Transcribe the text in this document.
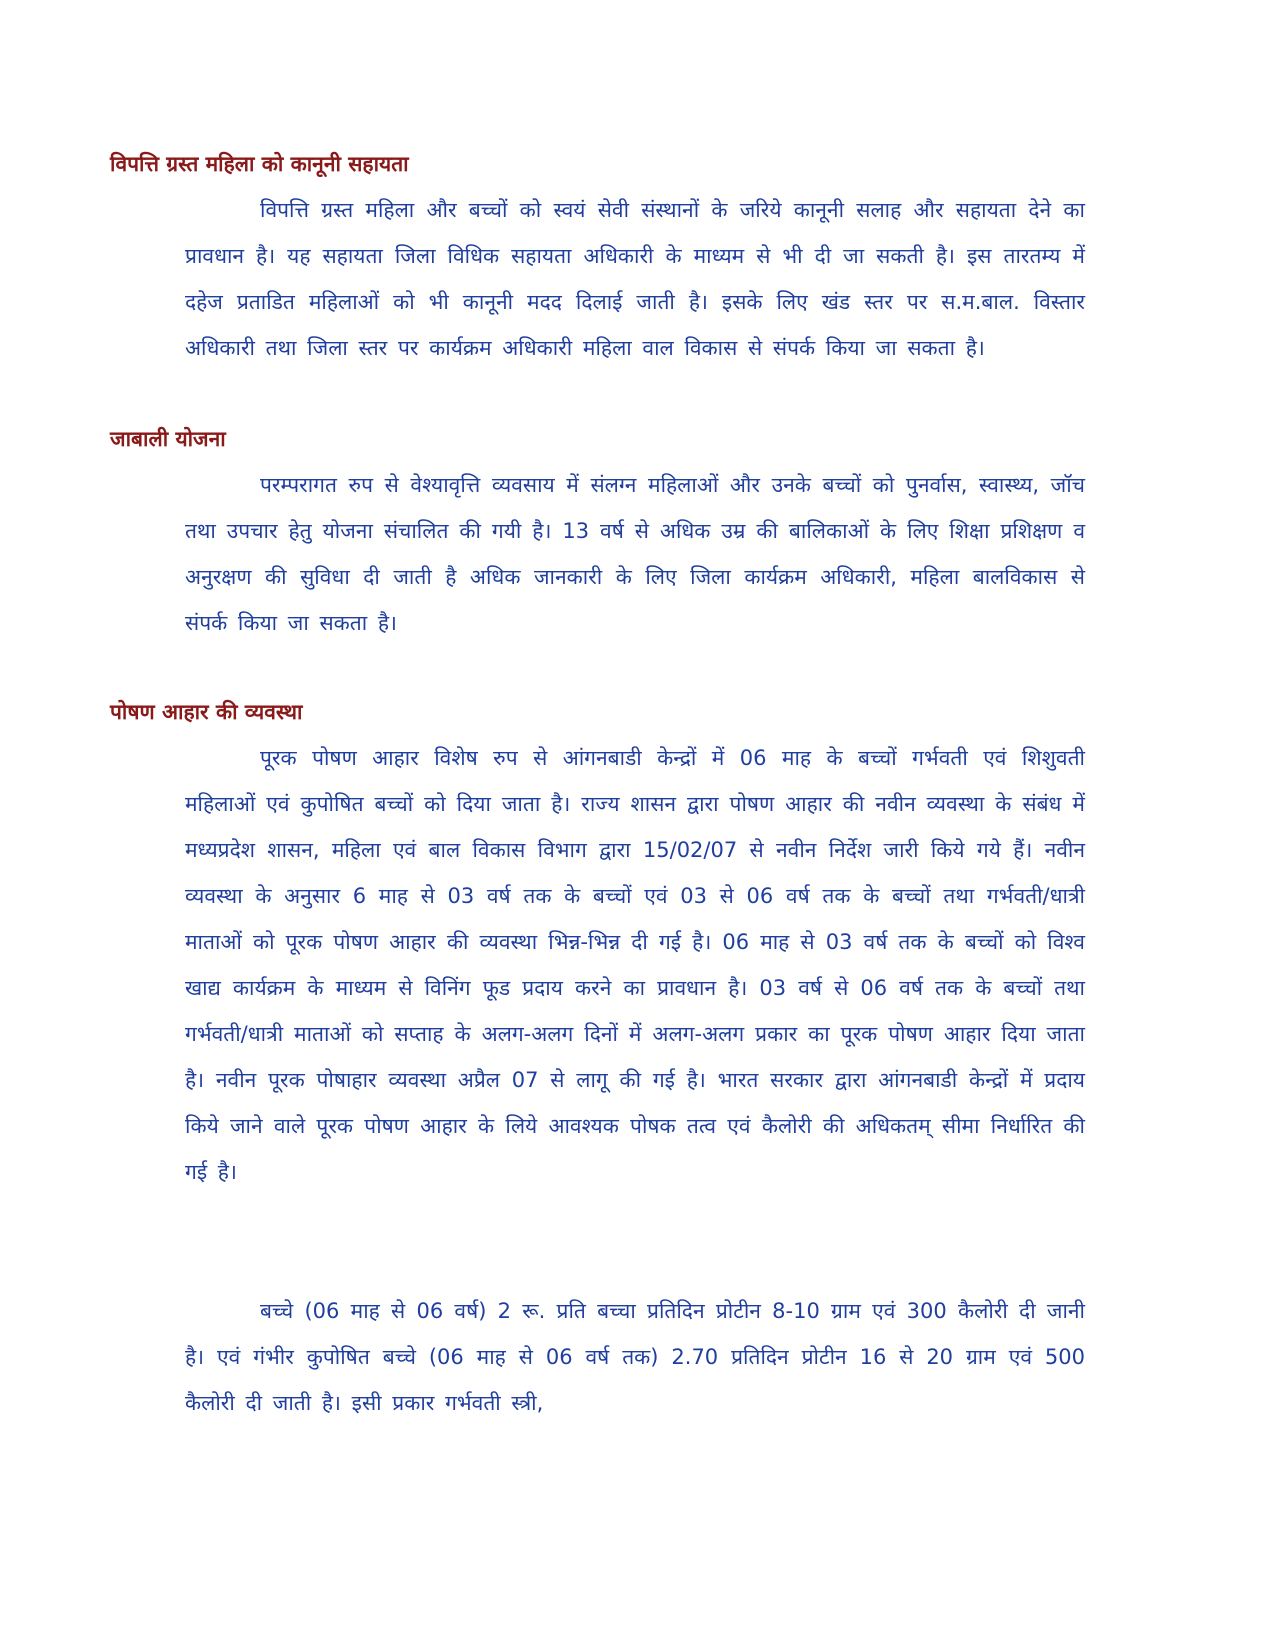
विपत्ति ग्रस्त महिला को कानूनी सहायता

विपत्ति ग्रस्त महिला और बच्चों को स्वयं सेवी संस्थानों के जरिये कानूनी सलाह और सहायता देने का प्रावधान है। यह सहायता जिला विधिक सहायता अधिकारी के माध्यम से भी दी जा सकती है। इस तारतम्य में दहेज प्रताडित महिलाओं को भी कानूनी मदद दिलाई जाती है। इसके लिए खंड स्तर पर स.म.बाल. विस्तार अधिकारी तथा जिला स्तर पर कार्यक्रम अधिकारी महिला वाल विकास से संपर्क किया जा सकता है।

जाबाली योजना

परम्परागत रुप से वेश्यावृत्ति व्यवसाय में संलग्न महिलाओं और उनके बच्चों को पुनर्वास, स्वास्थ्य, जॉच तथा उपचार हेतु योजना संचालित की गयी है। 13 वर्ष से अधिक उम्र की बालिकाओं के लिए शिक्षा प्रशिक्षण व अनुरक्षण की सुविधा दी जाती है अधिक जानकारी के लिए जिला कार्यक्रम अधिकारी, महिला बालविकास से संपर्क किया जा सकता है।

पोषण आहार की व्यवस्था

पूरक पोषण आहार विशेष रुप से आंगनबाडी केन्द्रों में 06 माह के बच्चों गर्भवती एवं शिशुवती महिलाओं एवं कुपोषित बच्चों को दिया जाता है। राज्य शासन द्वारा पोषण आहार की नवीन व्यवस्था के संबंध में मध्यप्रदेश शासन, महिला एवं बाल विकास विभाग द्वारा 15/02/07 से नवीन निर्देश जारी किये गये हैं। नवीन व्यवस्था के अनुसार 6 माह से 03 वर्ष तक के बच्चों एवं 03 से 06 वर्ष तक के बच्चों तथा गर्भवती/धात्री माताओं को पूरक पोषण आहार की व्यवस्था भिन्न-भिन्न दी गई है। 06 माह से 03 वर्ष तक के बच्चों को विश्व खाद्य कार्यक्रम के माध्यम से विनिंग फूड प्रदाय करने का प्रावधान है। 03 वर्ष से 06 वर्ष तक के बच्चों तथा गर्भवती/धात्री माताओं को सप्ताह के अलग-अलग दिनों में अलग-अलग प्रकार का पूरक पोषण आहार दिया जाता है। नवीन पूरक पोषाहार व्यवस्था अप्रैल 07 से लागू की गई है। भारत सरकार द्वारा आंगनबाडी केन्द्रों में प्रदाय किये जाने वाले पूरक पोषण आहार के लिये आवश्यक पोषक तत्व एवं कैलोरी की अधिकतम् सीमा निर्धारित की गई है।

बच्चे (06 माह से 06 वर्ष) 2 रू. प्रति बच्चा प्रतिदिन प्रोटीन 8-10 ग्राम एवं 300 कैलोरी दी जानी है। एवं गंभीर कुपोषित बच्चे (06 माह से 06 वर्ष तक) 2.70 प्रतिदिन प्रोटीन 16 से 20 ग्राम एवं 500 कैलोरी दी जाती है। इसी प्रकार गर्भवती स्त्री,
